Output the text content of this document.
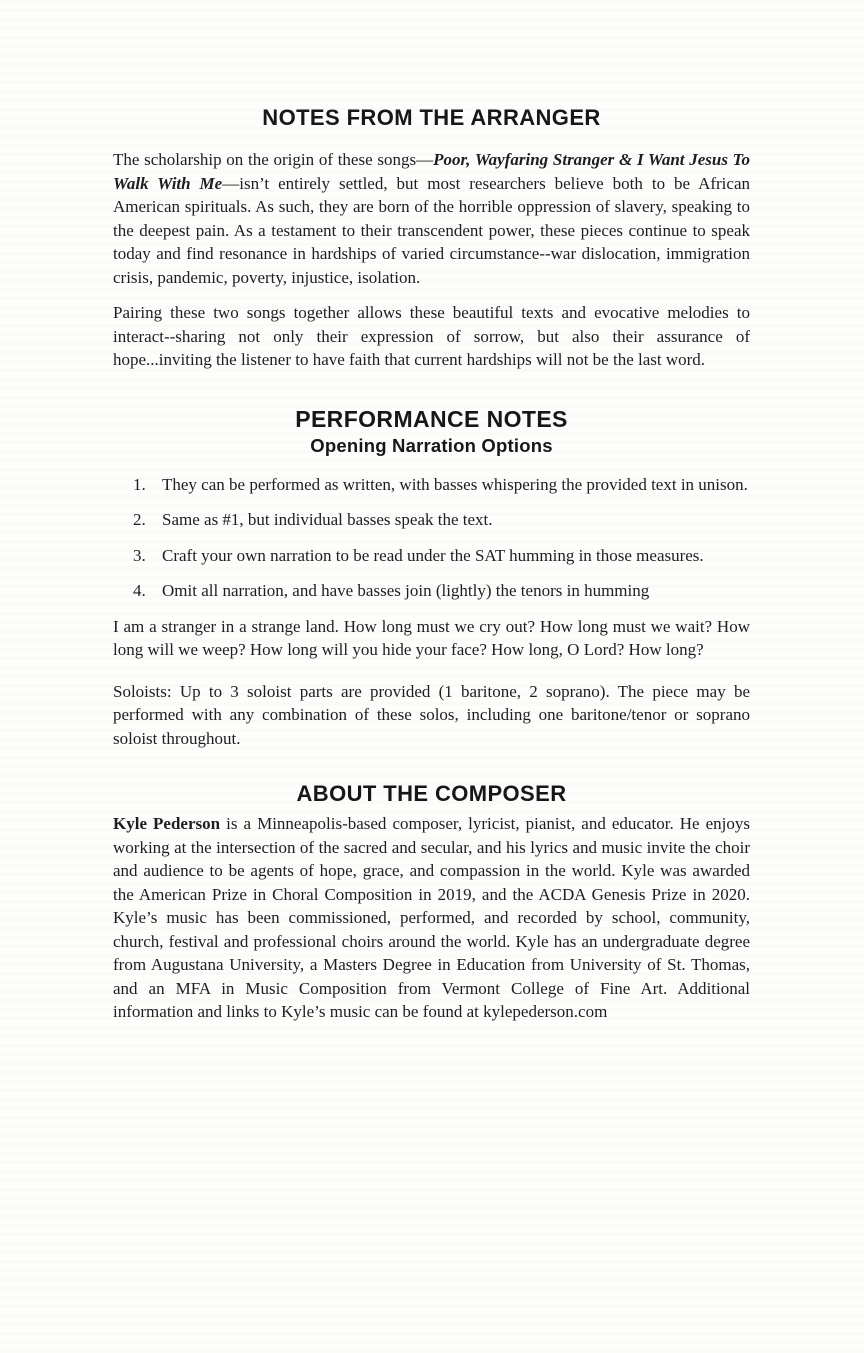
NOTES FROM THE ARRANGER

The scholarship on the origin of these songs—Poor, Wayfaring Stranger & I Want Jesus To Walk With Me—isn’t entirely settled, but most researchers believe both to be African American spirituals. As such, they are born of the horrible oppression of slavery, speaking to the deepest pain. As a testament to their transcendent power, these pieces continue to speak today and find resonance in hardships of varied circumstance--war dislocation, immigration crisis, pandemic, poverty, injustice, isolation.

Pairing these two songs together allows these beautiful texts and evocative melodies to interact--sharing not only their expression of sorrow, but also their assurance of hope...inviting the listener to have faith that current hardships will not be the last word.

PERFORMANCE NOTES
Opening Narration Options
1. They can be performed as written, with basses whispering the provided text in unison.
2. Same as #1, but individual basses speak the text.
3. Craft your own narration to be read under the SAT humming in those measures.
4. Omit all narration, and have basses join (lightly) the tenors in humming

I am a stranger in a strange land. How long must we cry out? How long must we wait? How long will we weep? How long will you hide your face? How long, O Lord? How long?

Soloists: Up to 3 soloist parts are provided (1 baritone, 2 soprano). The piece may be performed with any combination of these solos, including one baritone/tenor or soprano soloist throughout.

ABOUT THE COMPOSER

Kyle Pederson is a Minneapolis-based composer, lyricist, pianist, and educator. He enjoys working at the intersection of the sacred and secular, and his lyrics and music invite the choir and audience to be agents of hope, grace, and compassion in the world. Kyle was awarded the American Prize in Choral Composition in 2019, and the ACDA Genesis Prize in 2020. Kyle’s music has been commissioned, performed, and recorded by school, community, church, festival and professional choirs around the world. Kyle has an undergraduate degree from Augustana University, a Masters Degree in Education from University of St. Thomas, and an MFA in Music Composition from Vermont College of Fine Art. Additional information and links to Kyle’s music can be found at kylepederson.com
